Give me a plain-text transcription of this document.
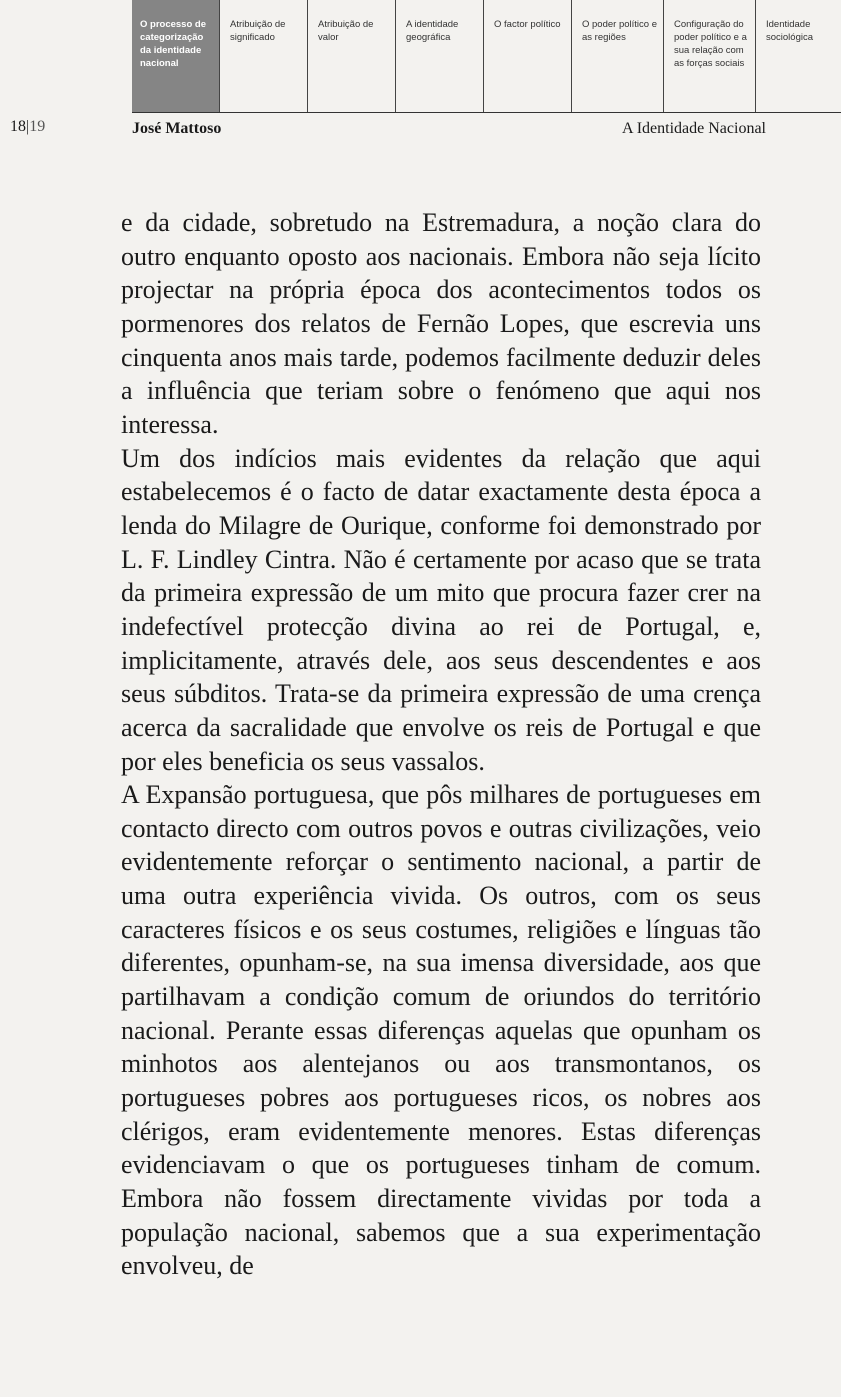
O processo de categorização da identidade nacional
Atribuição de significado
Atribuição de valor
A identidade geográfica
O factor político	O poder político e as regiões
Configuração do poder político e a sua relação com as forças sociais
Identidade sociológica
18|19	José Mattoso	A Identidade Nacional

e da cidade, sobretudo na Estremadura, a noção clara do outro enquanto oposto aos nacionais. Embora não seja lícito projectar na própria época dos acontecimentos todos os pormenores dos relatos de Fernão Lopes, que escrevia uns cinquenta anos mais tarde, podemos facilmente deduzir deles a influência que teriam sobre o fenómeno que aqui nos interessa.

Um dos indícios mais evidentes da relação que aqui estabelecemos é o facto de datar exactamente desta época a lenda do Milagre de Ourique, conforme foi demonstrado por L. F. Lindley Cintra. Não é certamente por acaso que se trata da primeira expressão de um mito que procura fazer crer na indefectível protecção divina ao rei de Portugal, e, implicitamente, através dele, aos seus descendentes e aos seus súbditos. Trata-se da primeira expressão de uma crença acerca da sacralidade que envolve os reis de Portugal e que por eles beneficia os seus vassalos.

A Expansão portuguesa, que pôs milhares de portugueses em contacto directo com outros povos e outras civilizações, veio evidentemente reforçar o sentimento nacional, a partir de uma outra experiência vivida. Os outros, com os seus caracteres físicos e os seus costumes, religiões e línguas tão diferentes, opunham-se, na sua imensa diversidade, aos que partilhavam a condição comum de oriundos do território nacional. Perante essas diferenças aquelas que opunham os minhotos aos alentejanos ou aos transmontanos, os portugueses pobres aos portugueses ricos, os nobres aos clérigos, eram evidentemente menores. Estas diferenças evidenciavam o que os portugueses tinham de comum. Embora não fossem directamente vividas por toda a população nacional, sabemos que a sua experimentação envolveu, de
